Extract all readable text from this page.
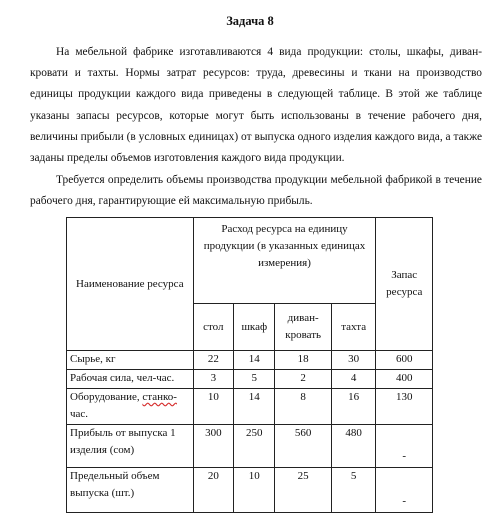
Задача 8

На мебельной фабрике изготавливаются 4 вида продукции: столы, шкафы, диван-кровати и тахты. Нормы затрат ресурсов: труда, древесины и ткани на производство единицы продукции каждого вида приведены в следующей таблице. В этой же таблице указаны запасы ресурсов, которые могут быть использованы в течение рабочего дня, величины прибыли (в условных единицах) от выпуска одного изделия каждого вида, а также заданы пределы объемов изготовления каждого вида продукции.

Требуется определить объемы производства продукции мебельной фабрикой в течение рабочего дня, гарантирующие ей максимальную прибыль.

Наименование ресурса	Расход ресурса на единицу продукции (в указанных единицах измерения)				Запас ресурса
	стол	шкаф	диван-кровать	тахта	
Сырье, кг	22	14	18	30	600
Рабочая сила, чел-час.	3	5	2	4	400
Оборудование, станко-час.	10	14	8	16	130
Прибыль от выпуска 1 изделия (сом)	300	250	560	480	-
Предельный объем выпуска (шт.)	20	10	25	5	-
